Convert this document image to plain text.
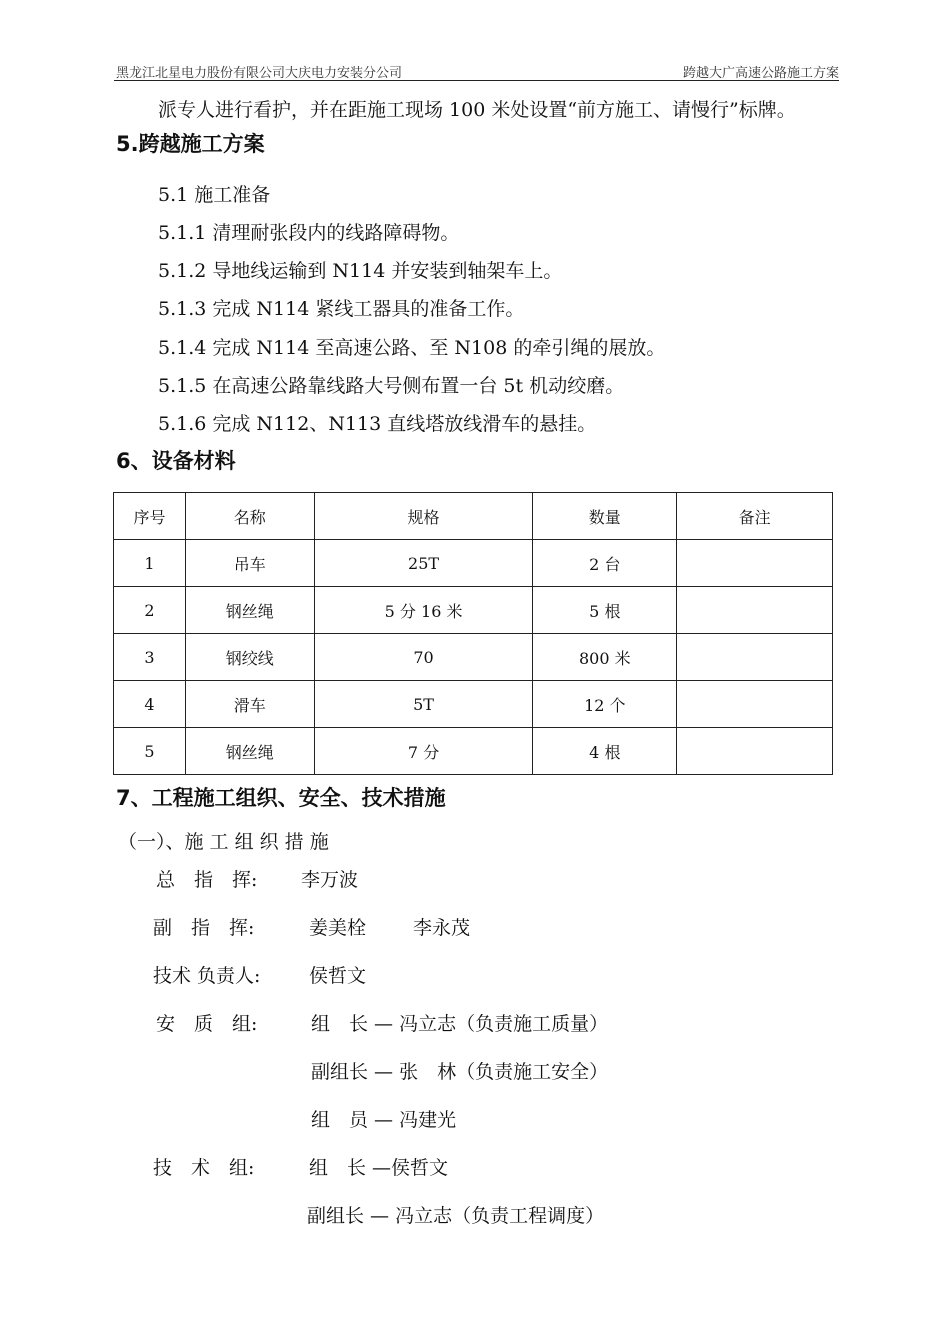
黑龙江北星电力股份有限公司大庆电力安装分公司	跨越大广高速公路施工方案
派专人进行看护，并在距施工现场 100 米处设置“前方施工、请慢行”标牌。
5.跨越施工方案
5.1 施工准备
5.1.1 清理耐张段内的线路障碍物。
5.1.2 导地线运输到 N114 并安装到轴架车上。
5.1.3 完成 N114 紧线工器具的准备工作。
5.1.4 完成 N114 至高速公路、至 N108 的牵引绳的展放。
5.1.5 在高速公路靠线路大号侧布置一台 5t 机动绞磨。
5.1.6 完成 N112、N113 直线塔放线滑车的悬挂。
6、设备材料
序号	名称	规格	数量	备注
1	吊车	25T	2 台	
2	钢丝绳	5 分 16 米	5 根	
3	钢绞线	70	800 米	
4	滑车	5T	12 个	
5	钢丝绳	7 分	4 根	
7、工程施工组织、安全、技术措施
（一）、施 工 组 织 措 施
总　指　挥: 李万波
副　指　挥:	姜美栓 李永茂
技术 负责人:	侯哲文
安　质　组:	组　长 — 冯立志（负责施工质量）
副组长 — 张　林（负责施工安全）
组　员 — 冯建光
技　术　组:	组　长 —侯哲文
副组长 — 冯立志（负责工程调度）
